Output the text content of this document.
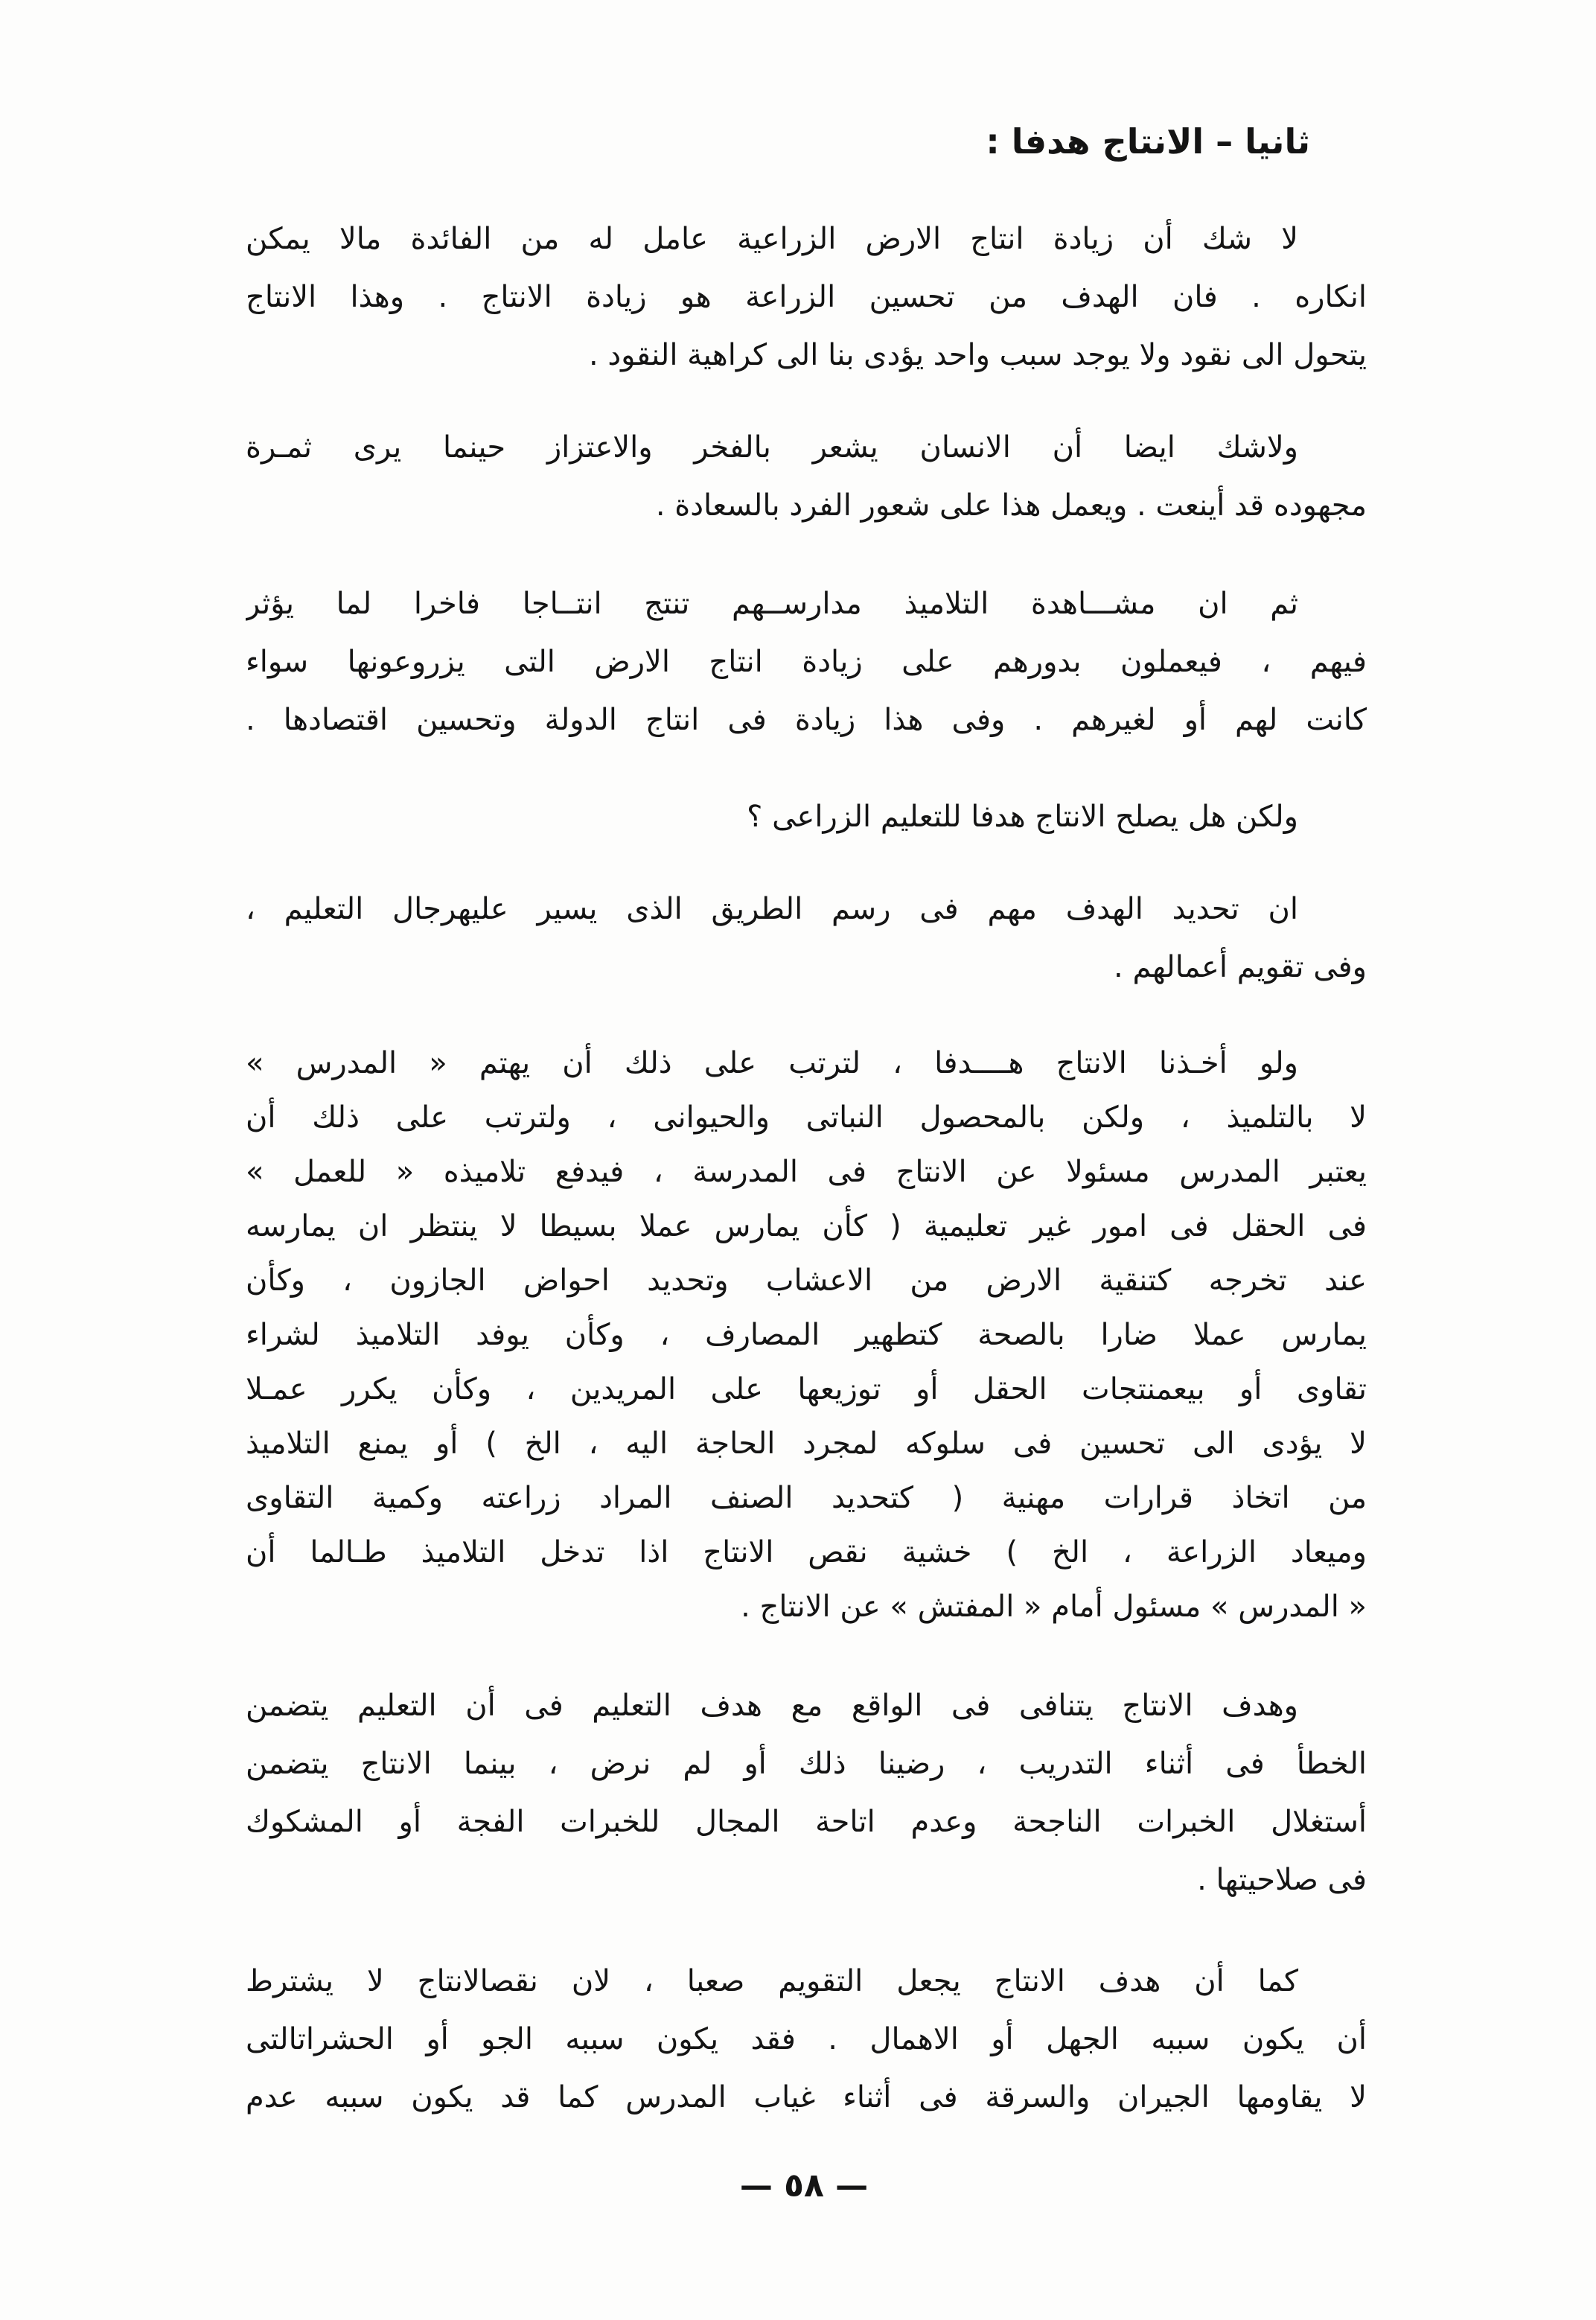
ثانيا – الانتاج هدفا :
لا شك أن زيادة انتاج الارض الزراعية عامل له من الفائدة مالا يمكن
انكاره . فان الهدف من تحسين الزراعة هو زيادة الانتاج . وهذا الانتاج
يتحول الى نقود ولا يوجد سبب واحد يؤدى بنا الى كراهية النقود .
ولاشك ايضا أن الانسان يشعر بالفخر والاعتزاز حينما يرى ثمـرة
مجهوده قد أينعت . ويعمل هذا على شعور الفرد بالسعادة .
ثم ان مشـــاهدة التلاميذ مدارســهم تنتج انتــاجا فاخرا لما يؤثر
فيهم ، فيعملون بدورهم على زيادة انتاج الارض التى يزروعونها سواء
كانت لهم أو لغيرهم . وفى هذا زيادة فى انتاج الدولة وتحسين اقتصادها .
ولكن هل يصلح الانتاج هدفا للتعليم الزراعى ؟
ان تحديد الهدف مهم فى رسم الطريق الذى يسير عليهرجال التعليم ،
وفى تقويم أعمالهم .
ولو أخـذنا الانتاج هــــدفا ، لترتب على ذلك أن يهتم « المدرس »
لا بالتلميذ ، ولكن بالمحصول النباتى والحيوانى ، ولترتب على ذلك أن
يعتبر المدرس مسئولا عن الانتاج فى المدرسة ، فيدفع تلاميذه « للعمل »
فى الحقل فى امور غير تعليمية ( كأن يمارس عملا بسيطا لا ينتظر ان يمارسه
عند تخرجه كتنقية الارض من الاعشاب وتحديد احواض الجازون ، وكأن
يمارس عملا ضارا بالصحة كتطهير المصارف ، وكأن يوفد التلاميذ لشراء
تقاوى أو بيعمنتجات الحقل أو توزيعها على المريدين ، وكأن يكرر عمـلا
لا يؤدى الى تحسين فى سلوكه لمجرد الحاجة اليه ، الخ ) أو يمنع التلاميذ
من اتخاذ قرارات مهنية ( كتحديد الصنف المراد زراعته وكمية التقاوى
وميعاد الزراعة ، الخ ) خشية نقص الانتاج اذا تدخل التلاميذ طـالما أن
« المدرس » مسئول أمام « المفتش » عن الانتاج .
وهدف الانتاج يتنافى فى الواقع مع هدف التعليم فى أن التعليم يتضمن
الخطأ فى أثناء التدريب ، رضينا ذلك أو لم نرض ، بينما الانتاج يتضمن
أستغلال الخبرات الناجحة وعدم اتاحة المجال للخبرات الفجة أو المشكوك
فى صلاحيتها .
كما أن هدف الانتاج يجعل التقويم صعبا ، لان نقصالانتاج لا يشترط
أن يكون سببه الجهل أو الاهمال . فقد يكون سببه الجو أو الحشراتالتى
لا يقاومها الجيران والسرقة فى أثناء غياب المدرس كما قد يكون سببه عدم
— ٥٨ —
